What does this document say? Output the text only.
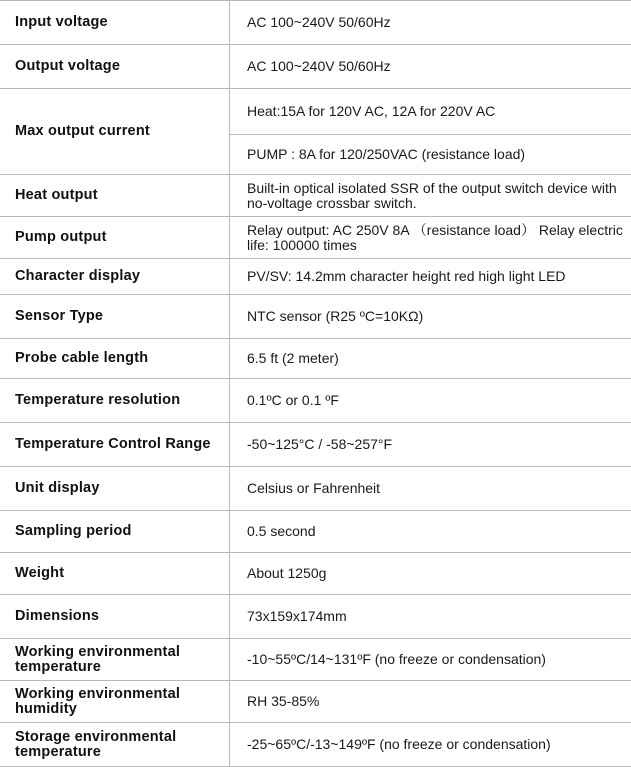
Input voltage	AC 100~240V 50/60Hz
Output voltage	AC 100~240V 50/60Hz
Max output current	Heat:15A for 120V AC, 12A for 220V AC
	PUMP : 8A for 120/250VAC (resistance load)
Heat output	Built-in optical isolated SSR of the output switch device with no-voltage crossbar switch.
Pump output	Relay output: AC 250V 8A （resistance load） Relay electric life: 100000 times
Character display	PV/SV: 14.2mm character height red high light LED
Sensor Type	NTC sensor (R25 ºC=10KΩ)
Probe cable length	6.5 ft (2 meter)
Temperature resolution	0.1ºC or 0.1 ºF
Temperature Control Range	-50~125°C / -58~257°F
Unit display	Celsius or Fahrenheit
Sampling period	0.5 second
Weight	About 1250g
Dimensions	73x159x174mm
Working environmental temperature	-10~55ºC/14~131ºF (no freeze or condensation)
Working environmental humidity	RH 35-85%
Storage environmental temperature	-25~65ºC/-13~149ºF (no freeze or condensation)
